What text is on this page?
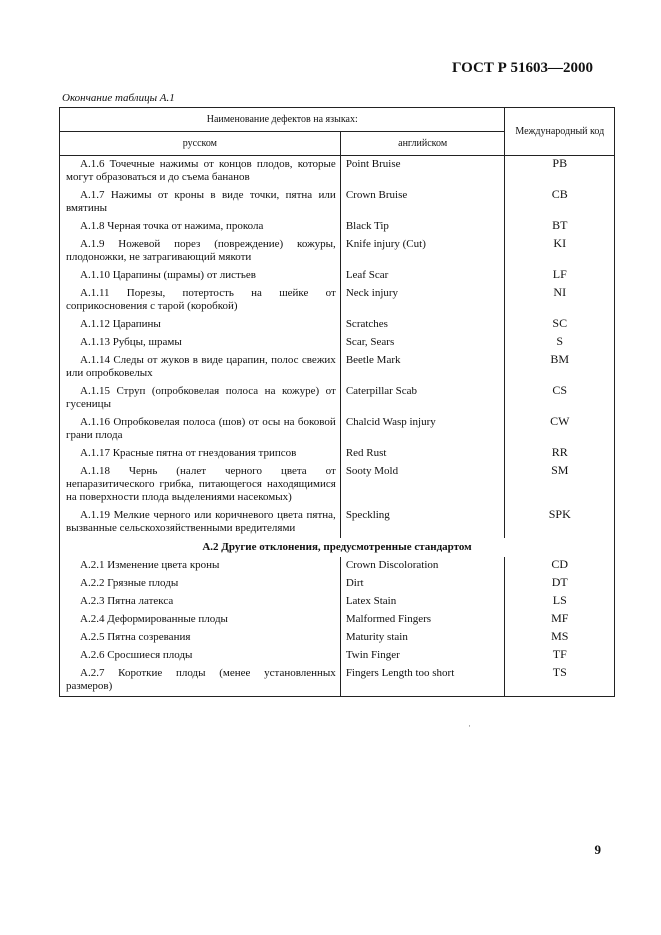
ГОСТ Р 51603—2000
Окончание таблицы А.1
Наименование дефектов на языках:		Международный код
русском	английском	

А.1.6 Точечные нажимы от концов плодов, которые могут образоваться и до съема бананов	Point Bruise	PB

А.1.7 Нажимы от кроны в виде точки, пятна или вмятины	Crown Bruise	CB

А.1.8 Черная точка от нажима, прокола	Black Tip	BT

А.1.9 Ножевой порез (повреждение) кожуры, плодоножки, не затрагивающий мякоти	Knife injury (Cut)	KI

А.1.10 Царапины (шрамы) от листьев	Leaf Scar	LF

А.1.11 Порезы, потертость на шейке от соприкосновения с тарой (коробкой)	Neck injury	NI

А.1.12 Царапины	Scratches	SC

А.1.13 Рубцы, шрамы	Scar, Sears	S

А.1.14 Следы от жуков в виде царапин, полос свежих или опробковелых	Beetle Mark	BM

А.1.15 Струп (опробковелая полоса на кожуре) от гусеницы	Caterpillar Scab	CS

А.1.16 Опробковелая полоса (шов) от осы на боковой грани плода	Chalcid Wasp injury	CW

А.1.17 Красные пятна от гнездования трипсов	Red Rust	RR

А.1.18 Чернь (налет черного цвета от непаразитического грибка, питающегося находящимися на поверхности плода выделениями насекомых)	Sooty Mold	SM

А.1.19 Мелкие черного или коричневого цвета пятна, вызванные сельскохозяйственными вредителями	Speckling	SPK
А.2 Другие отклонения, предусмотренные стандартом		

А.2.1 Изменение цвета кроны	Crown Discoloration	CD

А.2.2 Грязные плоды	Dirt	DT

А.2.3 Пятна латекса	Latex Stain	LS

А.2.4 Деформированные плоды	Malformed Fingers	MF

А.2.5 Пятна созревания	Maturity stain	MS

А.2.6 Сросшиеся плоды	Twin Finger	TF

А.2.7 Короткие плоды (менее установленных размеров)	Fingers Length too short	TS
·
9
